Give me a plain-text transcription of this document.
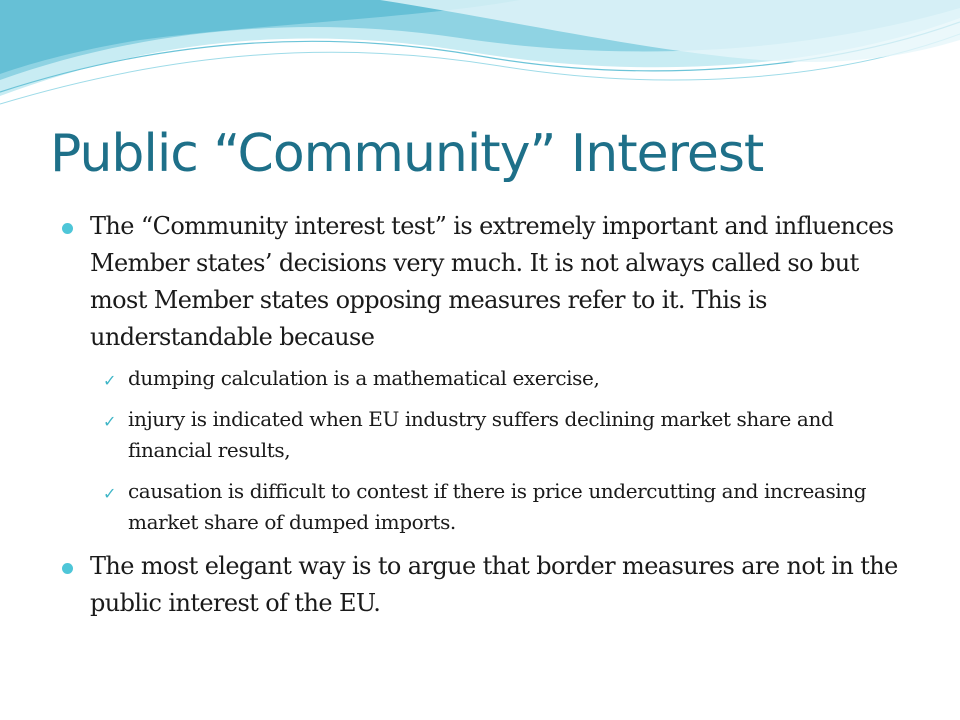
Public “Community” Interest
The “Community interest test” is extremely important and influences Member states’ decisions very much. It is not always called so but most Member states opposing measures refer to it. This is understandable because
✓ dumping calculation is a mathematical exercise,
✓ injury is indicated when EU industry suffers declining market share and financial results,
✓ causation is difficult to contest if there is price undercutting and increasing market share of dumped imports.
The most elegant way is to argue that border measures are not in the public interest of the EU.
